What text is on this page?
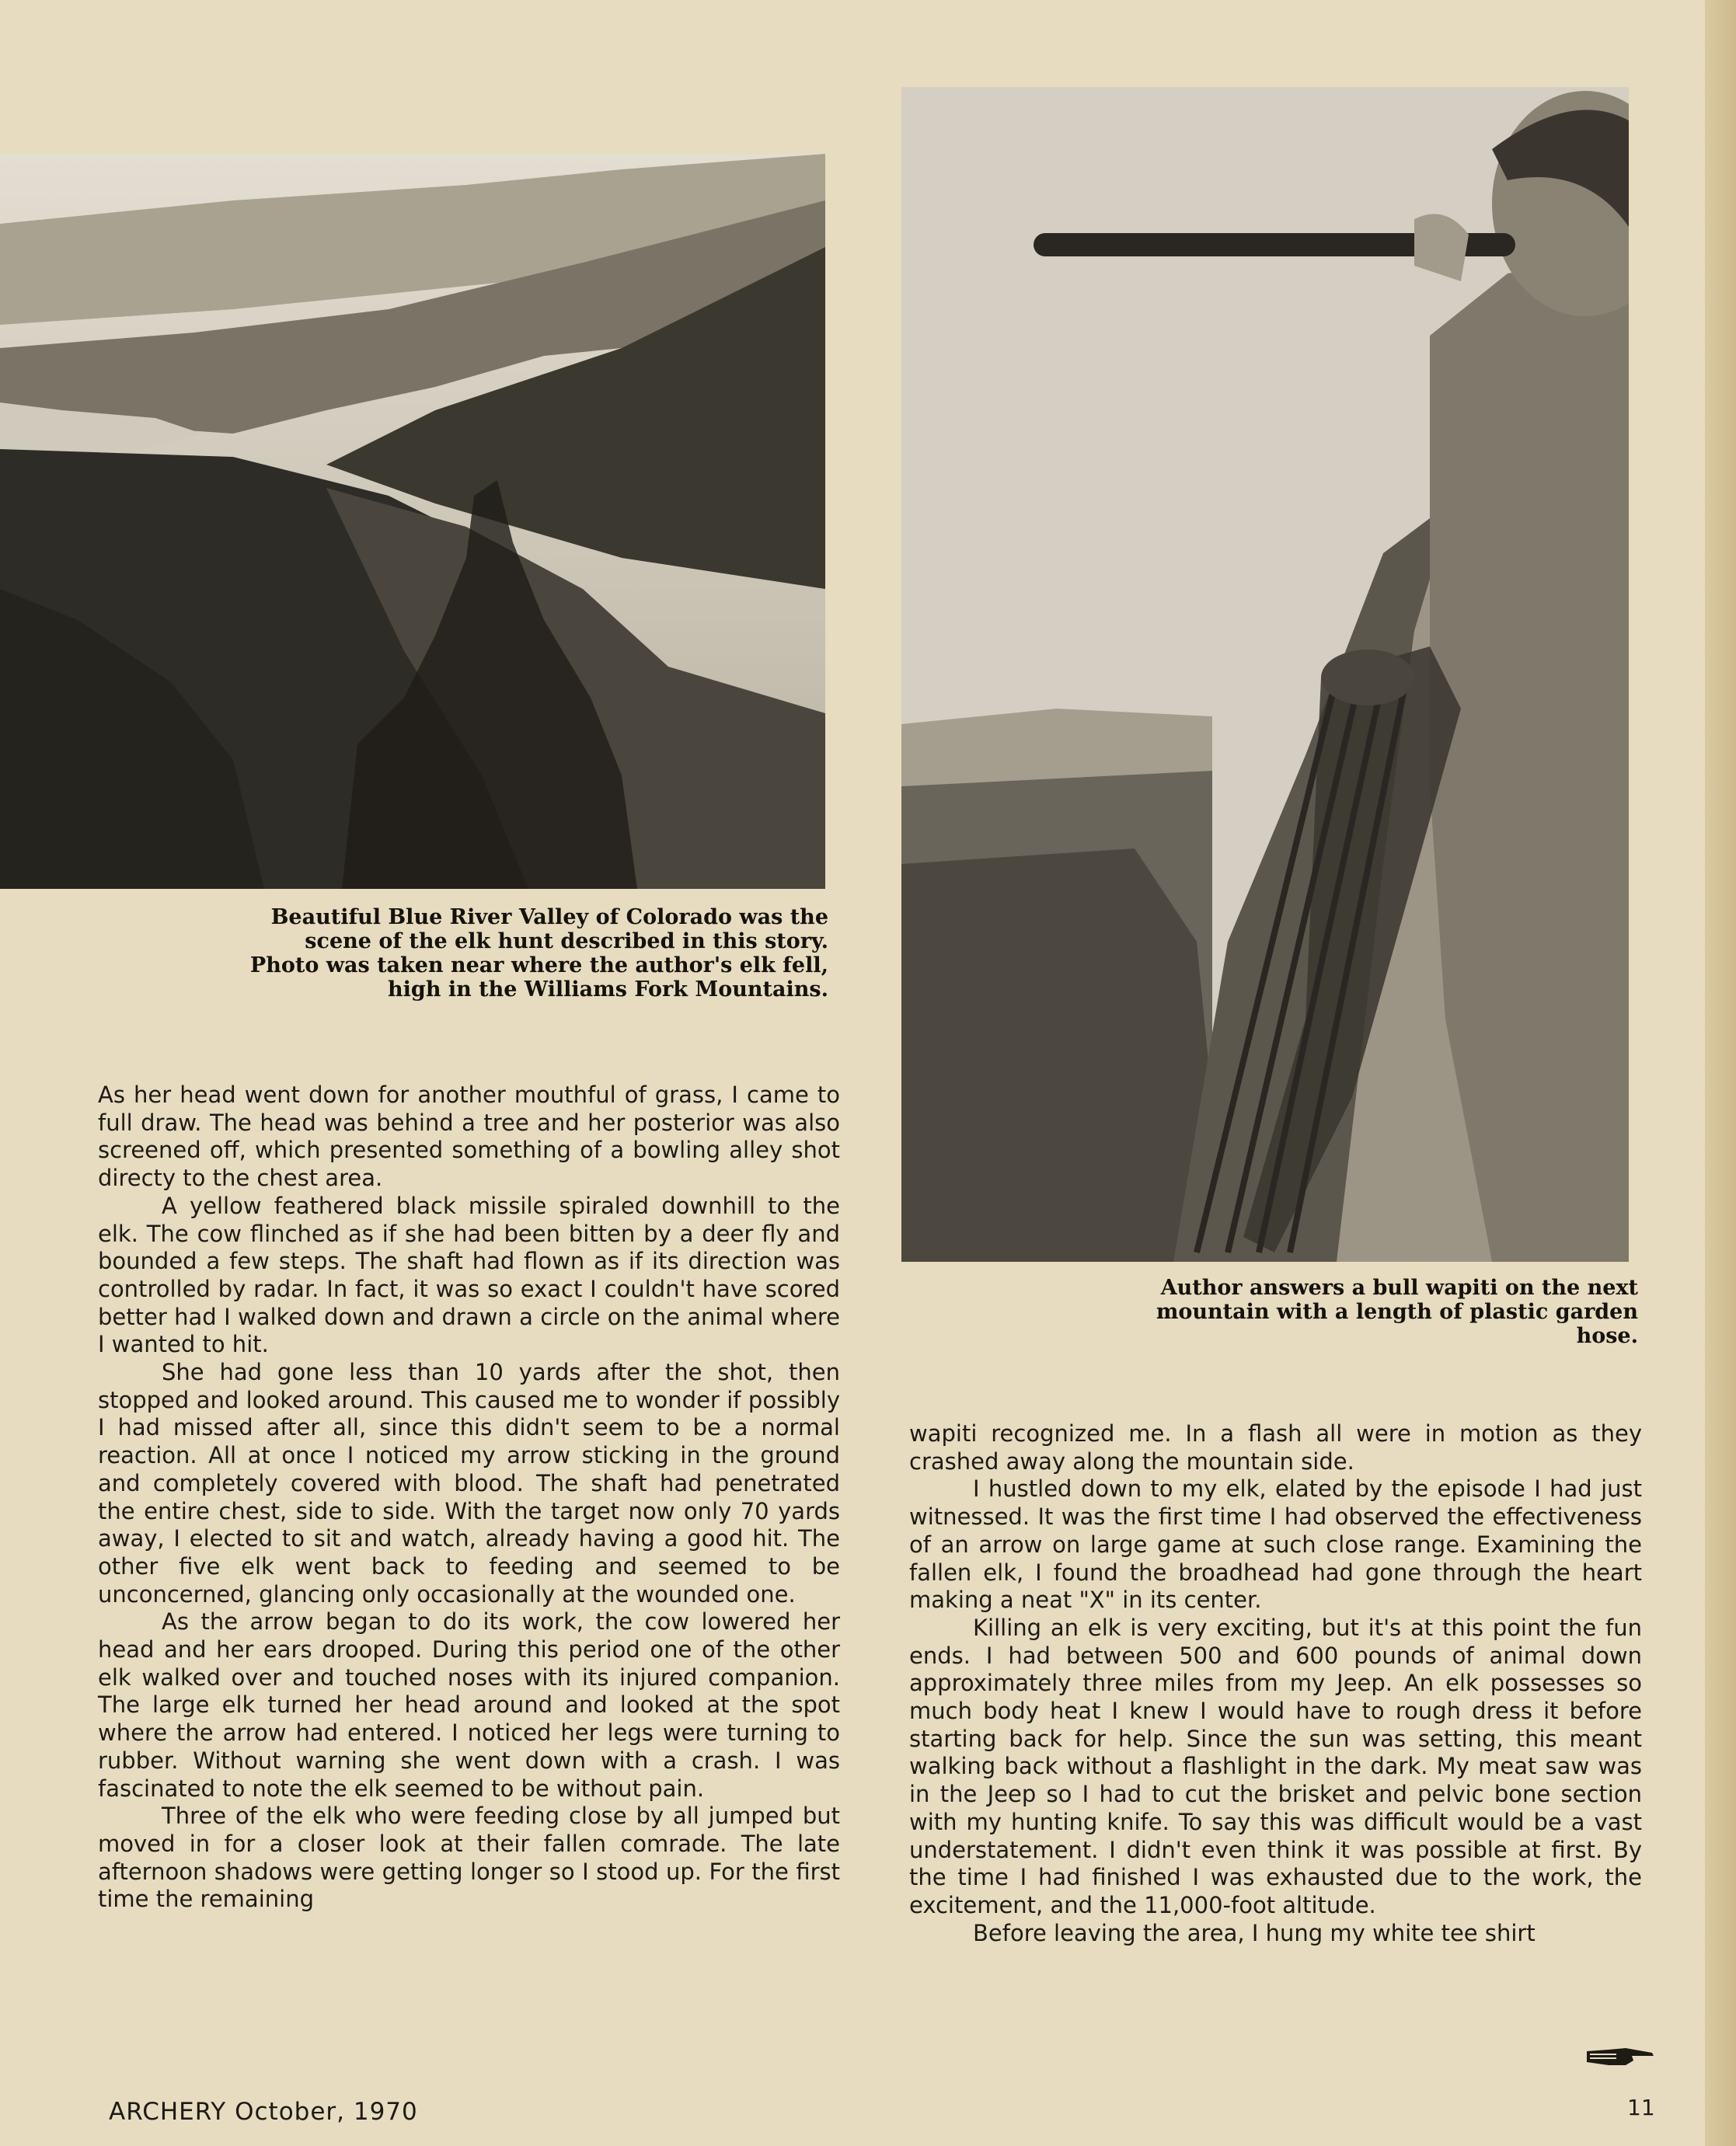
Beautiful Blue River Valley of Colorado was the scene of the elk hunt described in this story. Photo was taken near where the author's elk fell, high in the Williams Fork Mountains.
Author answers a bull wapiti on the next mountain with a length of plastic garden hose.

As her head went down for another mouthful of grass, I came to full draw. The head was behind a tree and her posterior was also screened off, which presented something of a bowling alley shot directy to the chest area.

A yellow feathered black missile spiraled downhill to the elk. The cow flinched as if she had been bitten by a deer fly and bounded a few steps. The shaft had flown as if its direction was controlled by radar. In fact, it was so exact I couldn't have scored better had I walked down and drawn a circle on the animal where I wanted to hit.

She had gone less than 10 yards after the shot, then stopped and looked around. This caused me to wonder if possibly I had missed after all, since this didn't seem to be a normal reaction. All at once I noticed my arrow sticking in the ground and completely covered with blood. The shaft had penetrated the entire chest, side to side. With the target now only 70 yards away, I elected to sit and watch, already having a good hit. The other five elk went back to feeding and seemed to be unconcerned, glancing only occasionally at the wounded one.

As the arrow began to do its work, the cow lowered her head and her ears drooped. During this period one of the other elk walked over and touched noses with its injured companion. The large elk turned her head around and looked at the spot where the arrow had entered. I noticed her legs were turning to rubber. Without warning she went down with a crash. I was fascinated to note the elk seemed to be without pain.

Three of the elk who were feeding close by all jumped but moved in for a closer look at their fallen comrade. The late afternoon shadows were getting longer so I stood up. For the first time the remaining

wapiti recognized me. In a flash all were in motion as they crashed away along the mountain side.

I hustled down to my elk, elated by the episode I had just witnessed. It was the first time I had observed the effectiveness of an arrow on large game at such close range. Examining the fallen elk, I found the broadhead had gone through the heart making a neat "X" in its center.

Killing an elk is very exciting, but it's at this point the fun ends. I had between 500 and 600 pounds of animal down approximately three miles from my Jeep. An elk possesses so much body heat I knew I would have to rough dress it before starting back for help. Since the sun was setting, this meant walking back without a flashlight in the dark. My meat saw was in the Jeep so I had to cut the brisket and pelvic bone section with my hunting knife. To say this was difficult would be a vast understatement. I didn't even think it was possible at first. By the time I had finished I was exhausted due to the work, the excitement, and the 11,000-foot altitude.

Before leaving the area, I hung my white tee shirt

ARCHERY October, 1970	11
